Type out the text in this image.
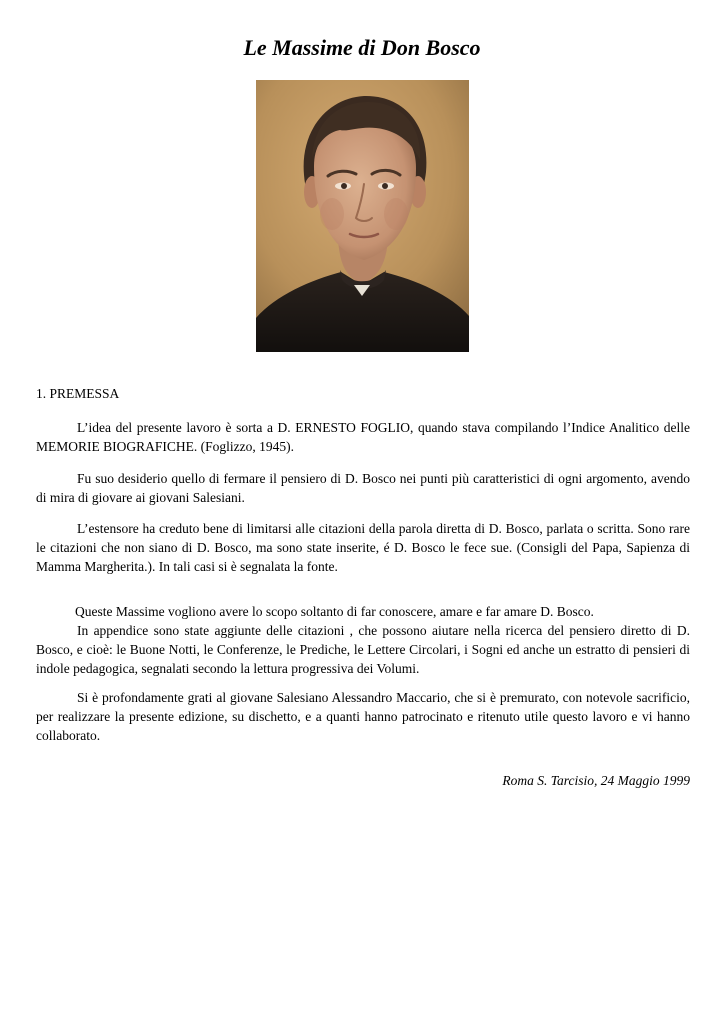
Le Massime di Don Bosco

1. PREMESSA

L’idea del presente lavoro è sorta a D. ERNESTO FOGLIO, quando stava compilando l’Indice Analitico delle MEMORIE BIOGRAFICHE. (Foglizzo, 1945).

Fu suo desiderio quello di fermare il pensiero di D. Bosco nei punti più caratteristici di ogni argomento, avendo di mira di giovare ai giovani Salesiani.

L’estensore ha creduto bene di limitarsi alle citazioni della parola diretta di D. Bosco, parlata o scritta. Sono rare le citazioni che non siano di D. Bosco, ma sono state inserite, é D. Bosco le fece sue. (Consigli del Papa, Sapienza di Mamma Margherita.). In tali casi si è segnalata la fonte.

Queste Massime vogliono avere lo scopo soltanto di far conoscere, amare e far amare D. Bosco.

In appendice sono state aggiunte delle citazioni , che possono aiutare nella ricerca del pensiero diretto di D. Bosco, e cioè: le Buone Notti, le Conferenze, le Prediche, le Lettere Circolari, i Sogni ed anche un estratto di pensieri di indole pedagogica, segnalati secondo la lettura progressiva dei Volumi.

Si è profondamente grati al giovane Salesiano Alessandro Maccario, che si è premurato, con notevole sacrificio, per realizzare la presente edizione, su dischetto, e a quanti hanno patrocinato e ritenuto utile questo lavoro e vi hanno collaborato.

Roma S. Tarcisio, 24 Maggio 1999
